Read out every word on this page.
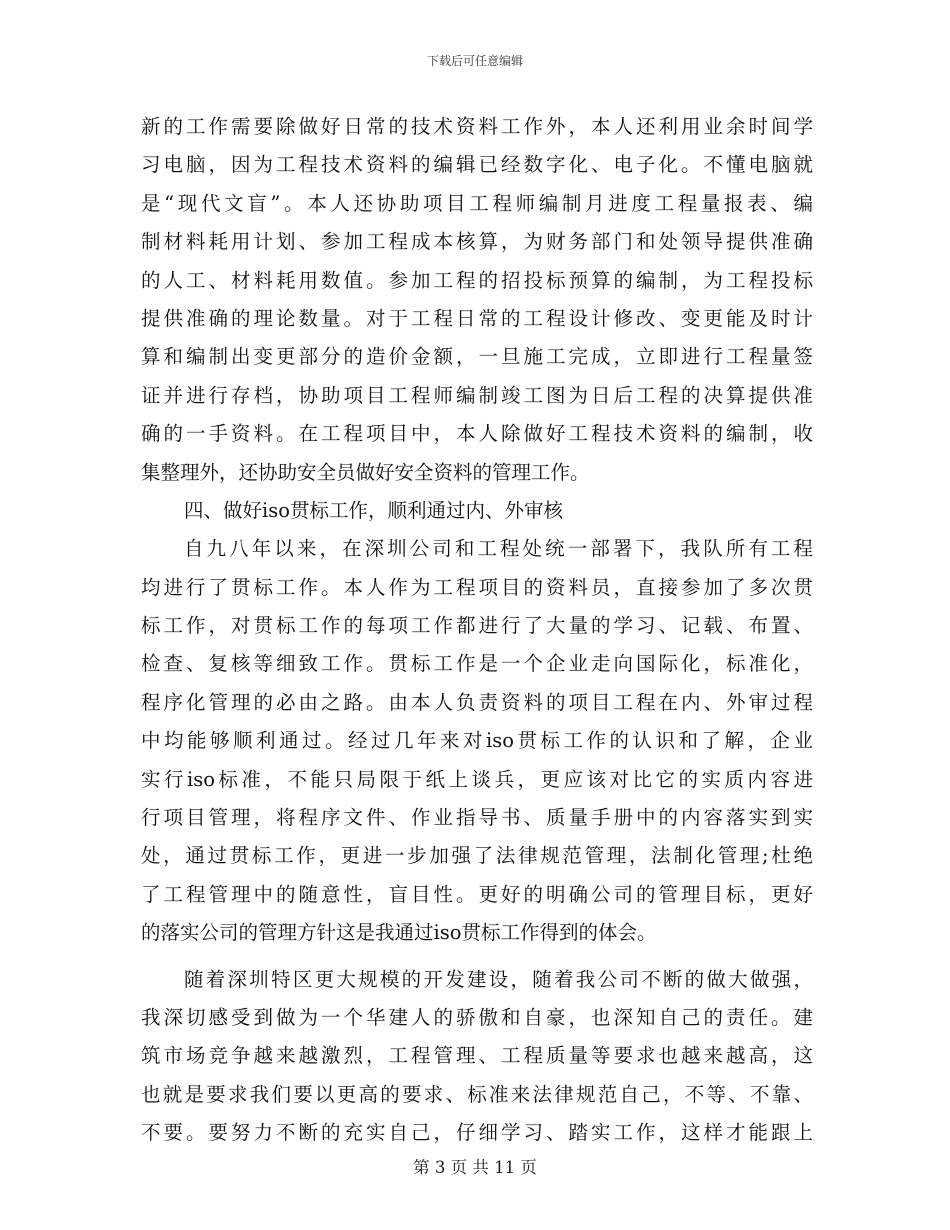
下载后可任意编辑
新的工作需要除做好日常的技术资料工作外，本人还利用业余时间学
习电脑，因为工程技术资料的编辑已经数字化、电子化。不懂电脑就
是“现代文盲”。本人还协助项目工程师编制月进度工程量报表、编
制材料耗用计划、参加工程成本核算，为财务部门和处领导提供准确
的人工、材料耗用数值。参加工程的招投标预算的编制，为工程投标
提供准确的理论数量。对于工程日常的工程设计修改、变更能及时计
算和编制出变更部分的造价金额，一旦施工完成，立即进行工程量签
证并进行存档，协助项目工程师编制竣工图为日后工程的决算提供准
确的一手资料。在工程项目中，本人除做好工程技术资料的编制，收
集整理外，还协助安全员做好安全资料的管理工作。
四、做好iso贯标工作，顺利通过内、外审核
自九八年以来，在深圳公司和工程处统一部署下，我队所有工程
均进行了贯标工作。本人作为工程项目的资料员，直接参加了多次贯
标工作，对贯标工作的每项工作都进行了大量的学习、记载、布置、
检查、复核等细致工作。贯标工作是一个企业走向国际化，标准化，
程序化管理的必由之路。由本人负责资料的项目工程在内、外审过程
中均能够顺利通过。经过几年来对iso贯标工作的认识和了解，企业
实行iso标准，不能只局限于纸上谈兵，更应该对比它的实质内容进
行项目管理，将程序文件、作业指导书、质量手册中的内容落实到实
处，通过贯标工作，更进一步加强了法律规范管理，法制化管理;杜绝
了工程管理中的随意性，盲目性。更好的明确公司的管理目标，更好
的落实公司的管理方针这是我通过iso贯标工作得到的体会。
随着深圳特区更大规模的开发建设，随着我公司不断的做大做强，
我深切感受到做为一个华建人的骄傲和自豪，也深知自己的责任。建
筑市场竞争越来越激烈，工程管理、工程质量等要求也越来越高，这
也就是要求我们要以更高的要求、标准来法律规范自己，不等、不靠、
不要。要努力不断的充实自己，仔细学习、踏实工作，这样才能跟上
第 3 页 共 11 页
